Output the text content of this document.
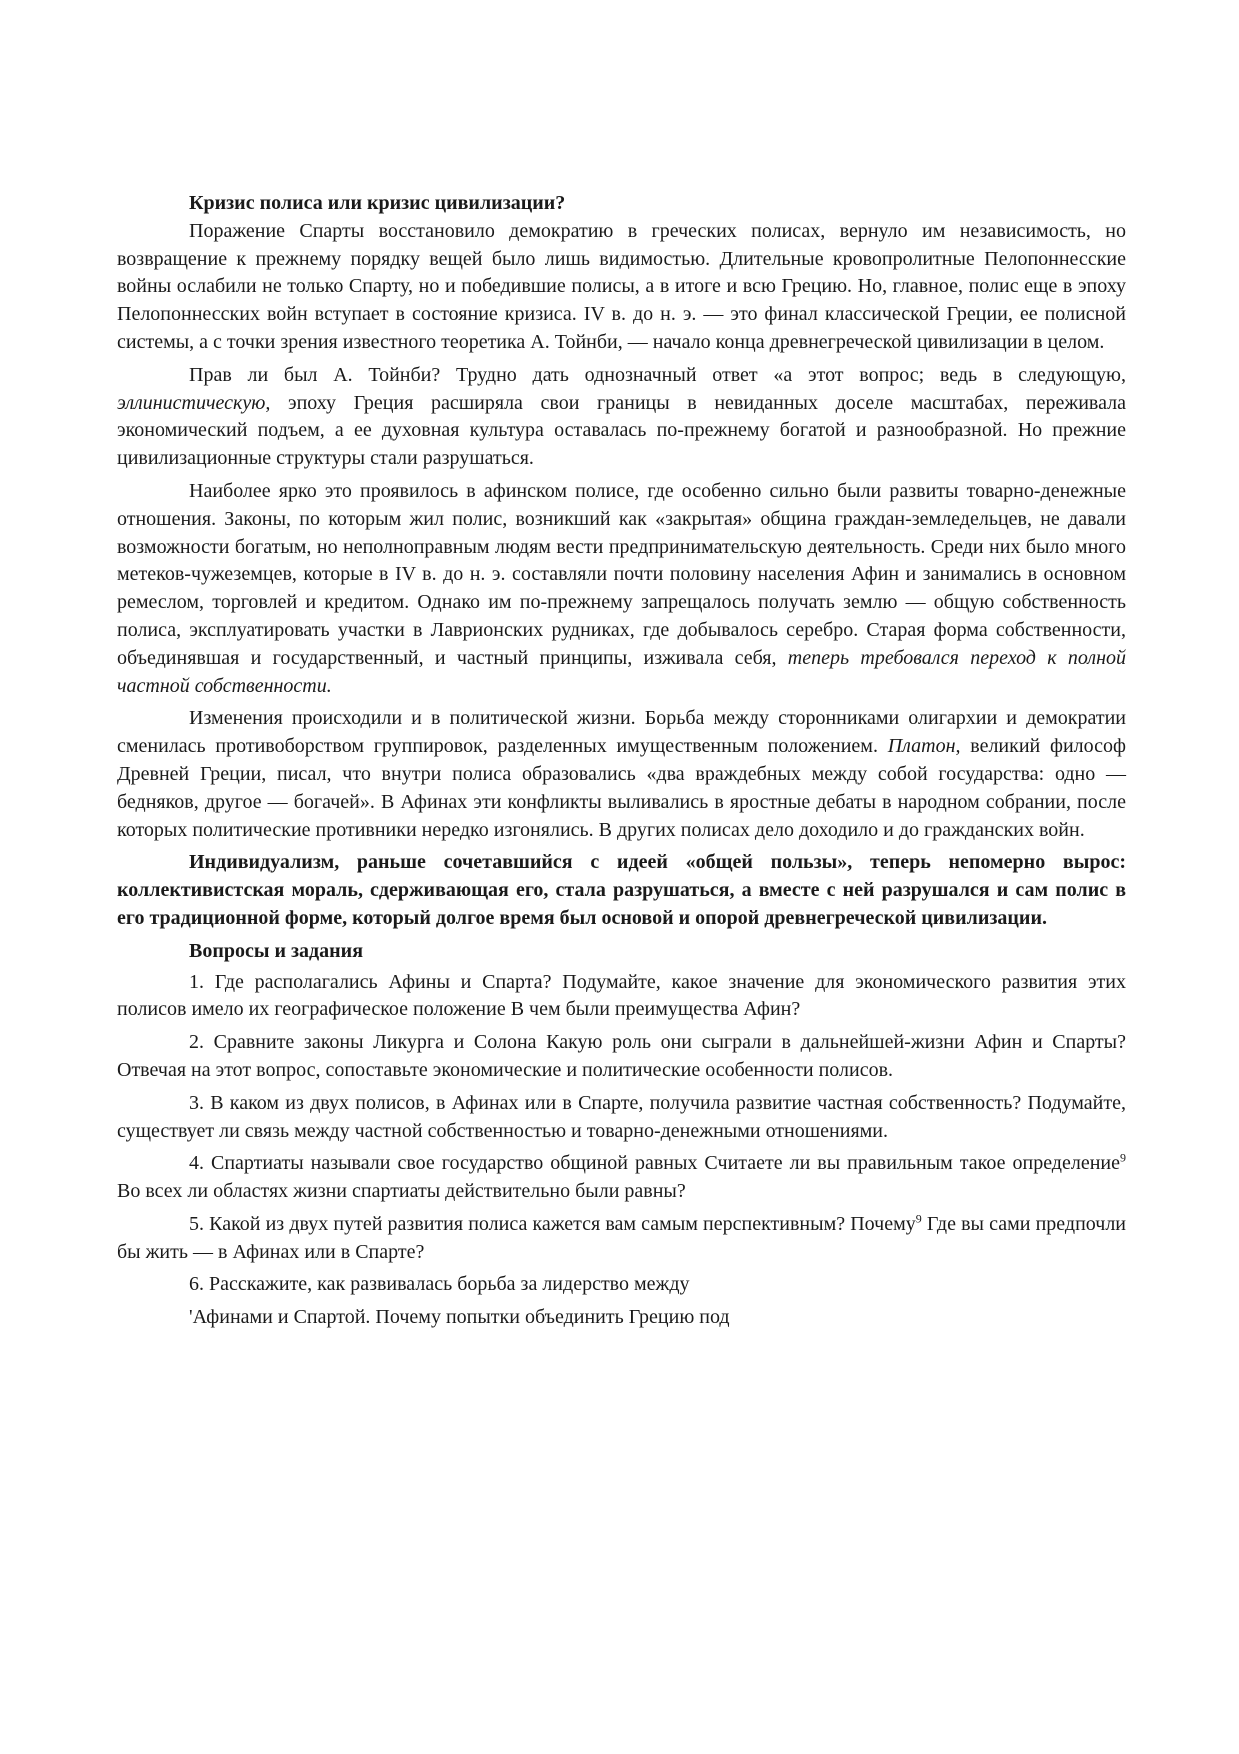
Кризис полиса или кризис цивилизации?

Поражение Спарты восстановило демократию в греческих полисах, вернуло им независимость, но возвращение к прежнему порядку вещей было лишь видимостью. Длительные кровопролитные Пелопоннесские войны ослабили не только Спарту, но и победившие полисы, а в итоге и всю Грецию. Но, главное, полис еще в эпоху Пелопоннесских войн вступает в состояние кризиса. IV в. до н. э. — это финал классической Греции, ее полисной системы, а с точки зрения известного теоретика А. Тойнби, — начало конца древнегреческой цивилизации в целом.

Прав ли был А. Тойнби? Трудно дать однозначный ответ «а этот вопрос; ведь в следующую, эллинистическую, эпоху Греция расширяла свои границы в невиданных доселе масштабах, переживала экономический подъем, а ее духовная культура оставалась по-прежнему богатой и разнообразной. Но прежние цивилизационные структуры стали разрушаться.

Наиболее ярко это проявилось в афинском полисе, где особенно сильно были развиты товарно-денежные отношения. Законы, по которым жил полис, возникший как «закрытая» община граждан-земледельцев, не давали возможности богатым, но неполноправным людям вести предпринимательскую деятельность. Среди них было много метеков-чужеземцев, которые в IV в. до н. э. составляли почти половину населения Афин и занимались в основном ремеслом, торговлей и кредитом. Однако им по-прежнему запрещалось получать землю — общую собственность полиса, эксплуатировать участки в Лаврионских рудниках, где добывалось серебро. Старая форма собственности, объединявшая и государственный, и частный принципы, изживала себя, теперь требовался переход к полной частной собственности.

Изменения происходили и в политической жизни. Борьба между сторонниками олигархии и демократии сменилась противоборством группировок, разделенных имущественным положением. Платон, великий философ Древней Греции, писал, что внутри полиса образовались «два враждебных между собой государства: одно — бедняков, другое — богачей». В Афинах эти конфликты выливались в яростные дебаты в народном собрании, после которых политические противники нередко изгонялись. В других полисах дело доходило и до гражданских войн.

Индивидуализм, раньше сочетавшийся с идеей «общей пользы», теперь непомерно вырос: коллективистская мораль, сдерживающая его, стала разрушаться, а вместе с ней разрушался и сам полис в его традиционной форме, который долгое время был основой и опорой древнегреческой цивилизации.

Вопросы и задания

1. Где располагались Афины и Спарта? Подумайте, какое значение для экономического развития этих полисов имело их географическое положение В чем были преимущества Афин?

2. Сравните законы Ликурга и Солона Какую роль они сыграли в дальнейшей-жизни Афин и Спарты? Отвечая на этот вопрос, сопоставьте экономические и политические особенности полисов.

3. В каком из двух полисов, в Афинах или в Спарте, получила развитие частная собственность? Подумайте, существует ли связь между частной собственностью и товарно-денежными отношениями.

4. Спартиаты называли свое государство общиной равных Считаете ли вы правильным такое определение$^9$ Во всех ли областях жизни спартиаты действительно были равны?

5. Какой из двух путей развития полиса кажется вам самым перспективным? Почему$^9$ Где вы сами предпочли бы жить — в Афинах или в Спарте?

6. Расскажите, как развивалась борьба за лидерство между

'Афинами и Спартой. Почему попытки объединить Грецию под
